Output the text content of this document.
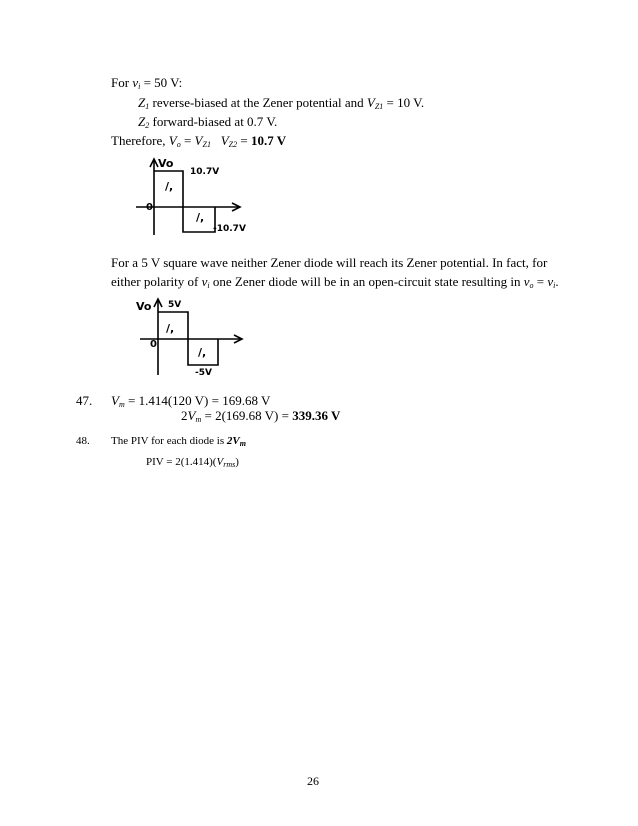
For $v_i = 50$ V:
$Z_1$ reverse-biased at the Zener potential and $V_{Z1} = 10$ V.
$Z_2$ forward-biased at 0.7 V.
Therefore, $V_o = V_{Z1}$ $V_{Z2} = 10.7$ V
Vo
10.7V
0
/,
/,
-10.7V
For a 5 V square wave neither Zener diode will reach its Zener potential. In fact, for
either polarity of $v_i$ one Zener diode will be in an open-circuit state resulting in $v_o = v_i$.
Vo 5V
0
/,
/,
-5V
47. $V_m = 1.414(120$ V) = 169.68 V
$2V_m = 2(169.68$ V) = 339.36 V
48. The PIV for each diode is $2V_m$
PIV = $2(1.414)(V_{rms})$
26
